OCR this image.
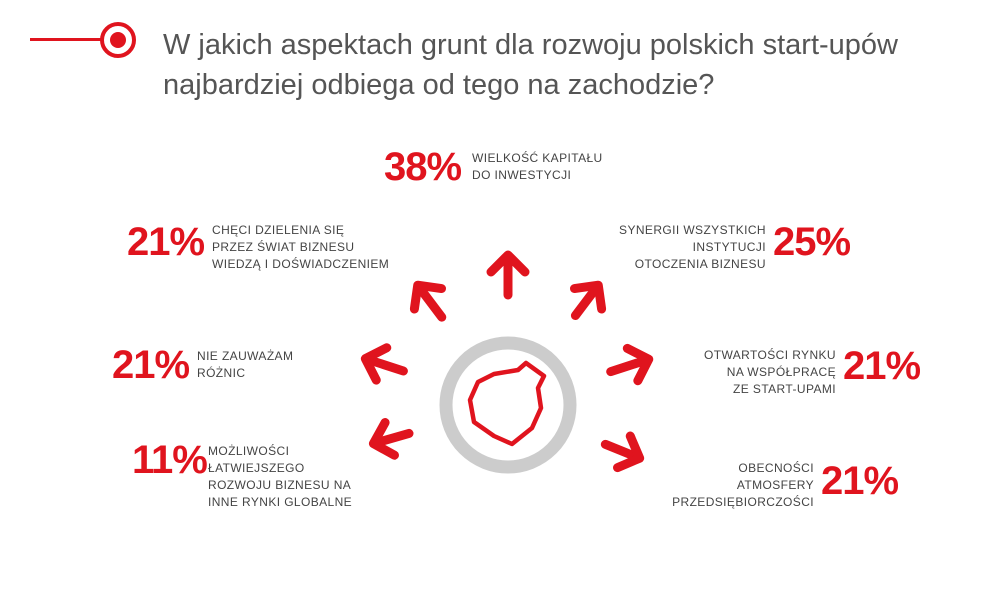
W jakich aspektach grunt dla rozwoju polskich start-upów
najbardziej odbiega od tego na zachodzie?
38% WIELKOŚĆ KAPITAŁU
DO INWESTYCJI
21% CHĘCI DZIELENIA SIĘ
PRZEZ ŚWIAT BIZNESU
WIEDZĄ I DOŚWIADCZENIEM
SYNERGII WSZYSTKICH
INSTYTUCJI
OTOCZENIA BIZNESU 25%
21% NIE ZAUWAŻAM
RÓŻNIC
OTWARTOŚCI RYNKU
NA WSPÓŁPRACĘ
ZE START-UPAMI
21%
11% MOŻLIWOŚCI
ŁATWIEJSZEGO
ROZWOJU BIZNESU NA
INNE RYNKI GLOBALNE
OBECNOŚCI
ATMOSFERY
PRZEDSIĘBIORCZOŚCI 21%
